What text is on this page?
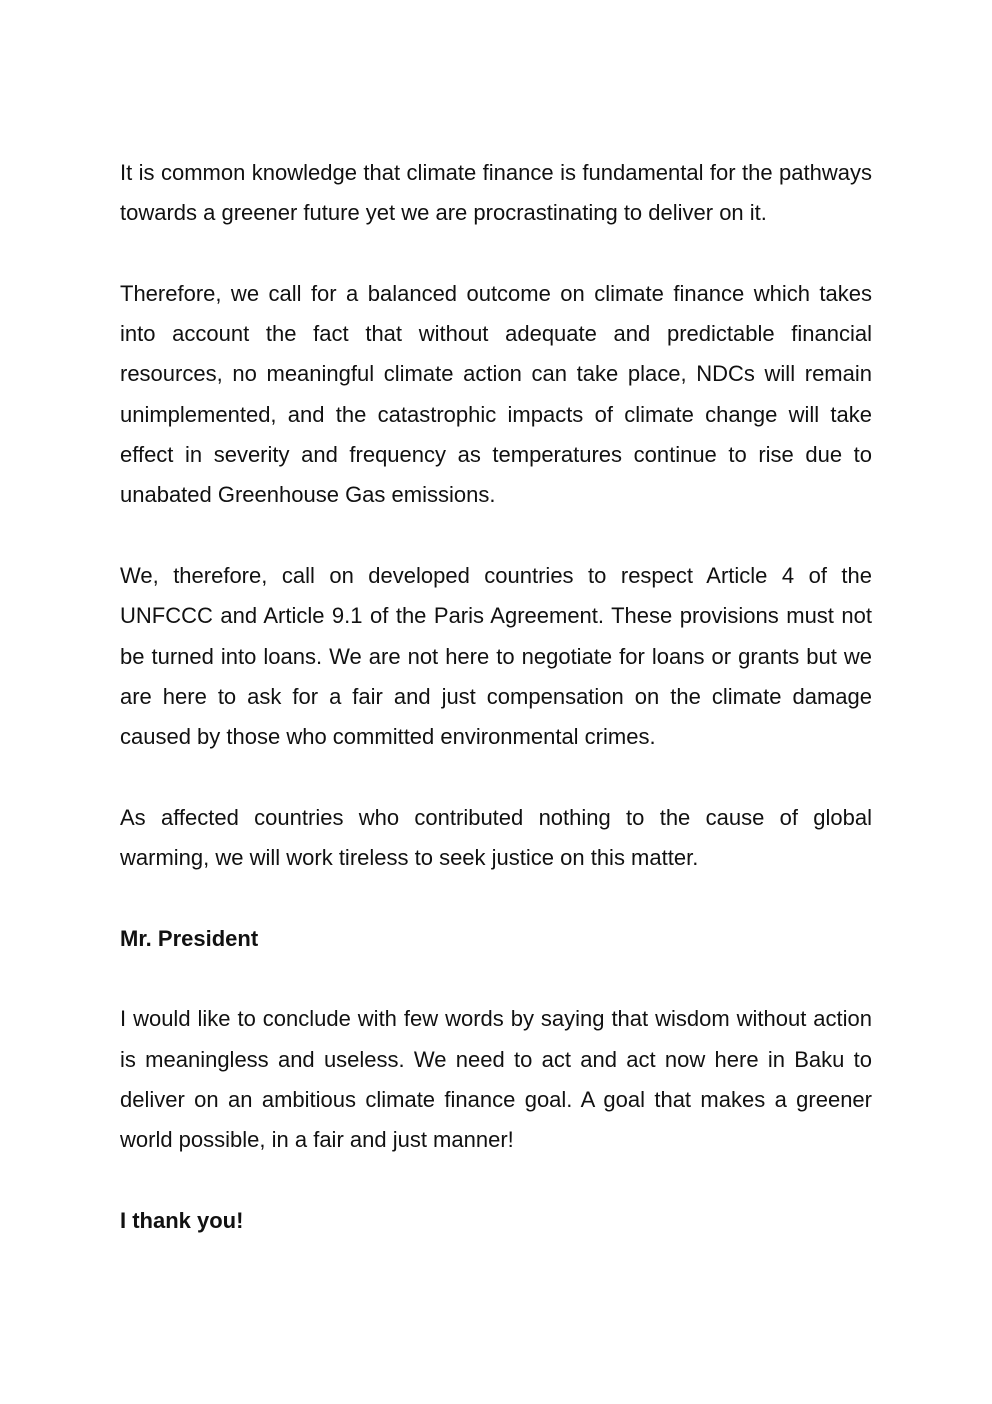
It is common knowledge that climate finance is fundamental for the pathways towards a greener future yet we are procrastinating to deliver on it.

Therefore, we call for a balanced outcome on climate finance which takes into account the fact that without adequate and predictable financial resources, no meaningful climate action can take place, NDCs will remain unimplemented, and the catastrophic impacts of climate change will take effect in severity and frequency as temperatures continue to rise due to unabated Greenhouse Gas emissions.

We, therefore, call on developed countries to respect Article 4 of the UNFCCC and Article 9.1 of the Paris Agreement. These provisions must not be turned into loans. We are not here to negotiate for loans or grants but we are here to ask for a fair and just compensation on the climate damage caused by those who committed environmental crimes.

As affected countries who contributed nothing to the cause of global warming, we will work tireless to seek justice on this matter.

Mr. President

I would like to conclude with few words by saying that wisdom without action is meaningless and useless. We need to act and act now here in Baku to deliver on an ambitious climate finance goal. A goal that makes a greener world possible, in a fair and just manner!

I thank you!
